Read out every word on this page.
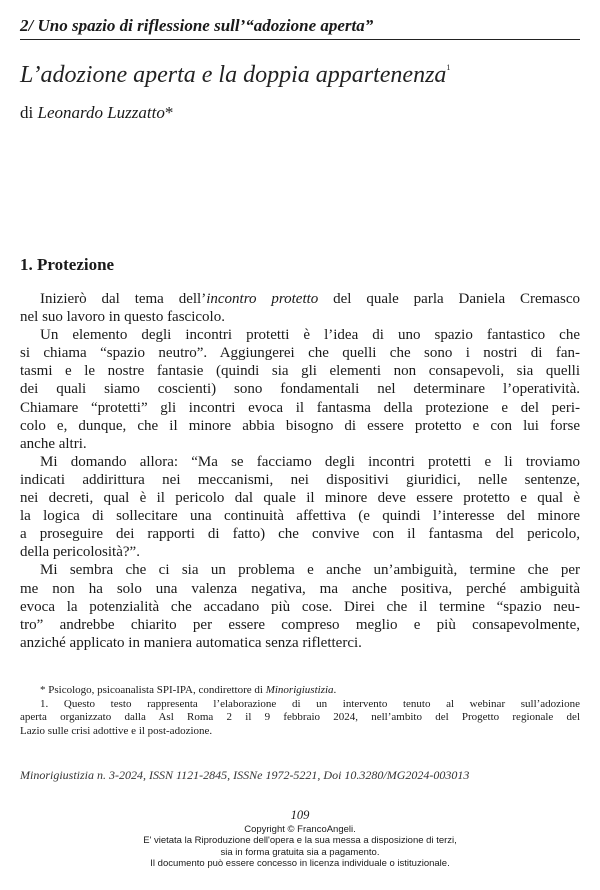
2/ Uno spazio di riflessione sull’“adozione aperta”
L’adozione aperta e la doppia appartenenza$^1$
di Leonardo Luzzatto*
1. Protezione
Inizierò dal tema dell’incontro protetto del quale parla Daniela Cremasco
nel suo lavoro in questo fascicolo.
Un elemento degli incontri protetti è l’idea di uno spazio fantastico che
si chiama “spazio neutro”. Aggiungerei che quelli che sono i nostri di fan-
tasmi e le nostre fantasie (quindi sia gli elementi non consapevoli, sia quelli
dei quali siamo coscienti) sono fondamentali nel determinare l’operatività.
Chiamare “protetti” gli incontri evoca il fantasma della protezione e del peri-
colo e, dunque, che il minore abbia bisogno di essere protetto e con lui forse
anche altri.
Mi domando allora: “Ma se facciamo degli incontri protetti e li troviamo
indicati addirittura nei meccanismi, nei dispositivi giuridici, nelle sentenze,
nei decreti, qual è il pericolo dal quale il minore deve essere protetto e qual è
la logica di sollecitare una continuità affettiva (e quindi l’interesse del minore
a proseguire dei rapporti di fatto) che convive con il fantasma del pericolo,
della pericolosità?”.
Mi sembra che ci sia un problema e anche un’ambiguità, termine che per
me non ha solo una valenza negativa, ma anche positiva, perché ambiguità
evoca la potenzialità che accadano più cose. Direi che il termine “spazio neu-
tro” andrebbe chiarito per essere compreso meglio e più consapevolmente,
anziché applicato in maniera automatica senza rifletterci.
* Psicologo, psicoanalista SPI-IPA, condirettore di Minorigiustizia.
1. Questo testo rappresenta l’elaborazione di un intervento tenuto al webinar sull’adozione
aperta organizzato dalla Asl Roma 2 il 9 febbraio 2024, nell’ambito del Progetto regionale del
Lazio sulle crisi adottive e il post-adozione.
Minorigiustizia n. 3-2024, ISSN 1121-2845, ISSNe 1972-5221, Doi 10.3280/MG2024-003013
109
Copyright © FrancoAngeli.
E' vietata la Riproduzione dell'opera e la sua messa a disposizione di terzi,
sia in forma gratuita sia a pagamento.
Il documento può essere concesso in licenza individuale o istituzionale.
